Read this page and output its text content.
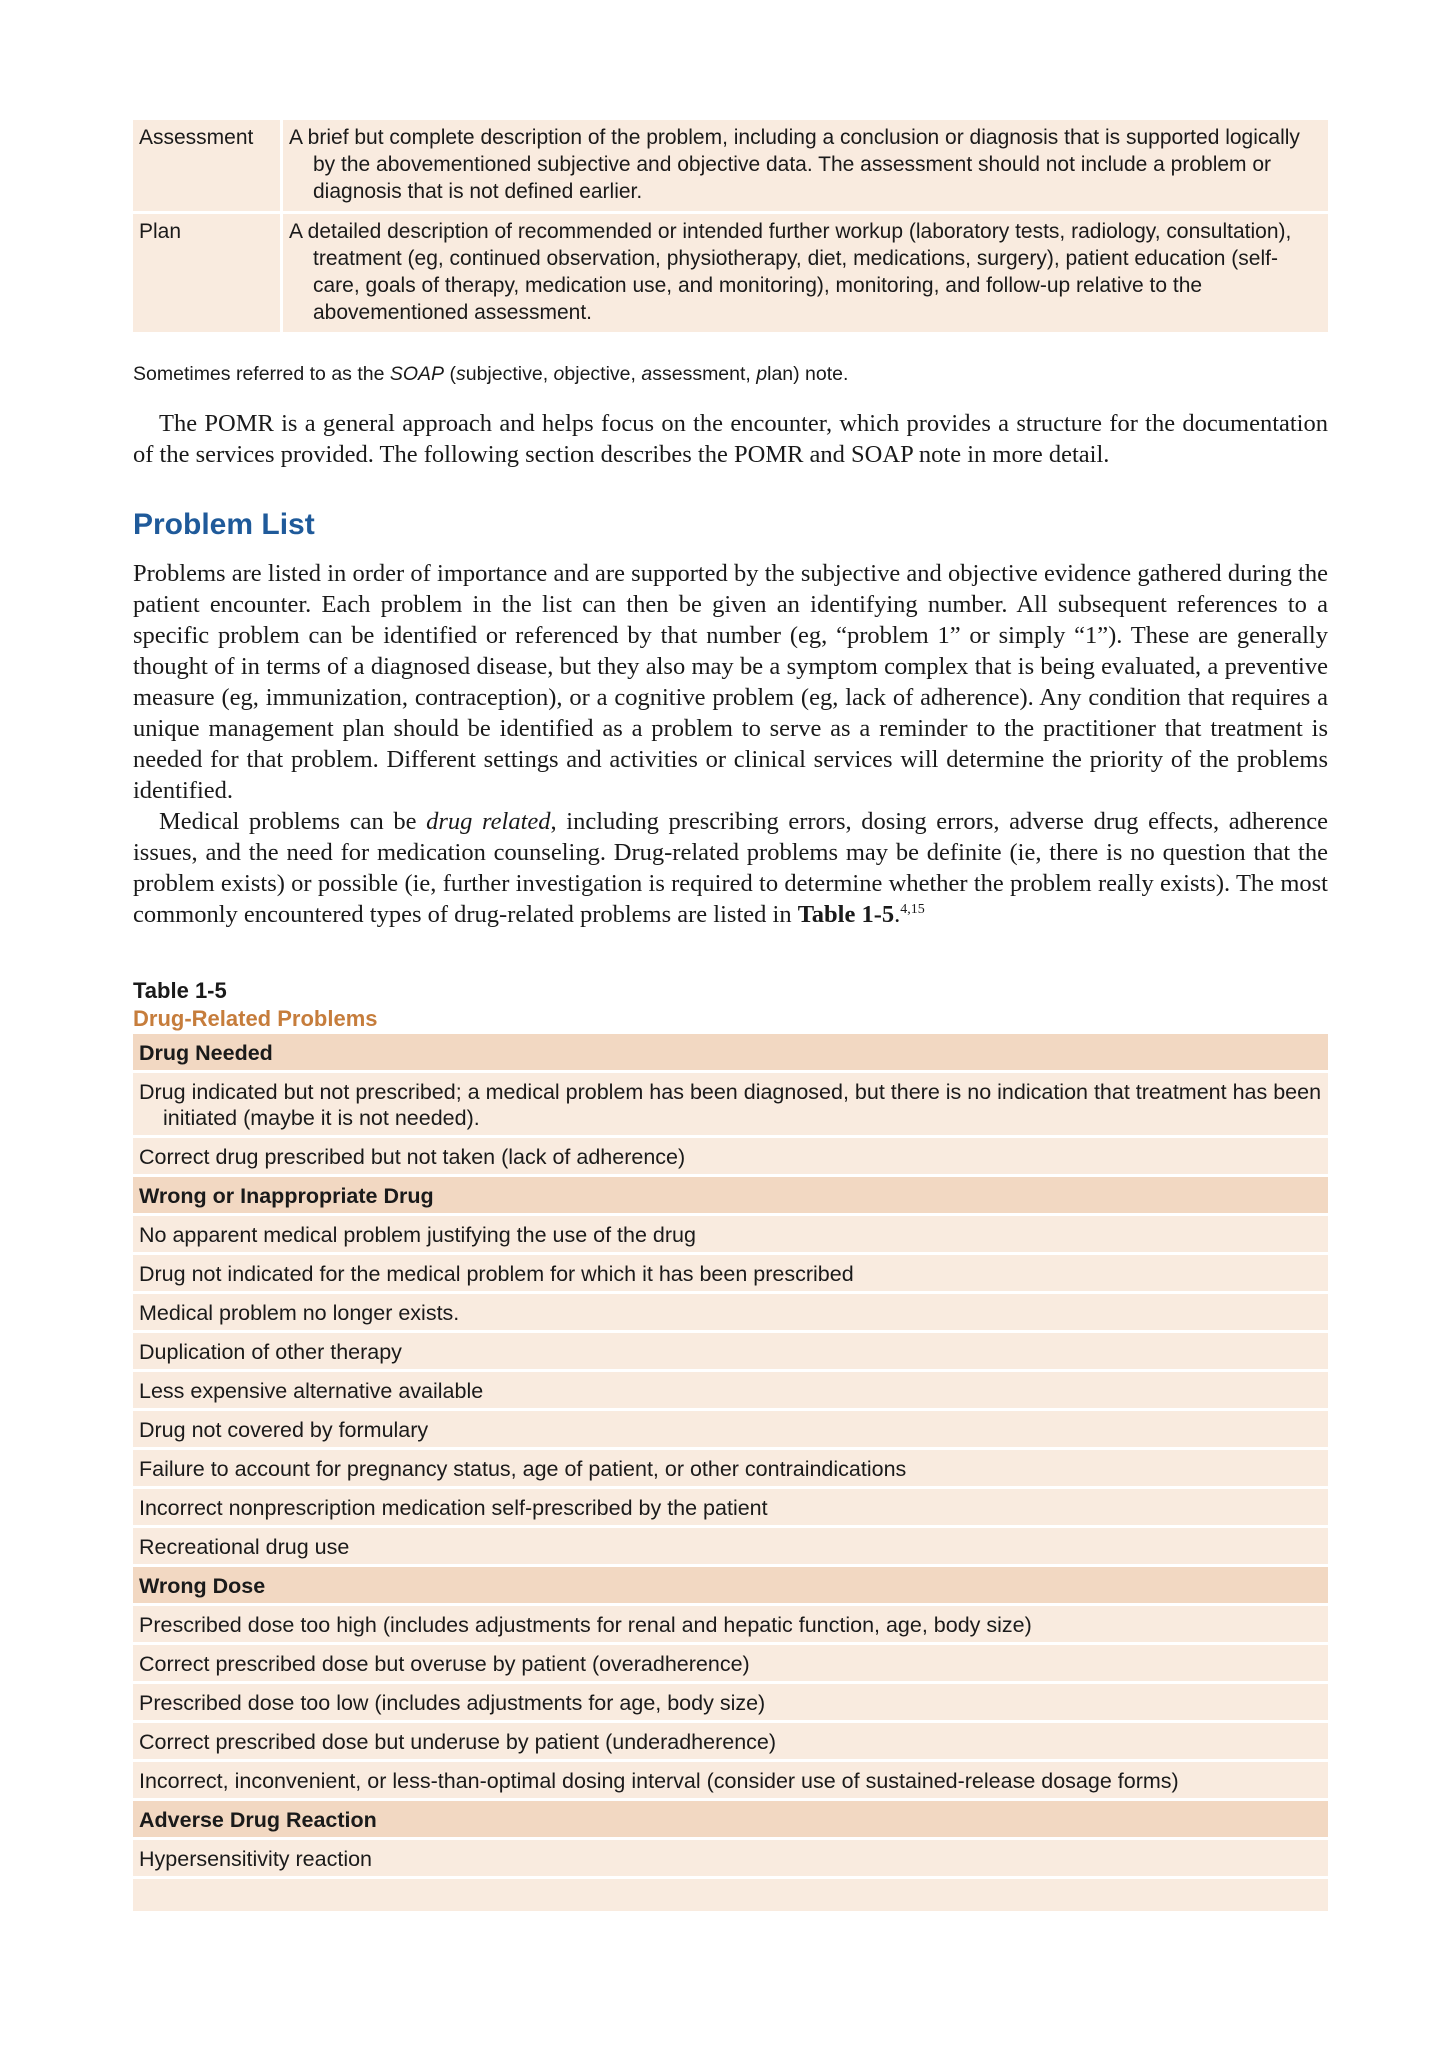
Assessment	A brief but complete description of the problem, including a conclusion or diagnosis that is supported logically by the abovementioned subjective and objective data. The assessment should not include a problem or diagnosis that is not defined earlier.

Plan	A detailed description of recommended or intended further workup (laboratory tests, radiology, consultation), treatment (eg, continued observation, physiotherapy, diet, medications, surgery), patient education (self-care, goals of therapy, medication use, and monitoring), monitoring, and follow-up relative to the abovementioned assessment.

Sometimes referred to as the SOAP (subjective, objective, assessment, plan) note.

The POMR is a general approach and helps focus on the encounter, which provides a structure for the documentation of the services provided. The following section describes the POMR and SOAP note in more detail.

Problem List

Problems are listed in order of importance and are supported by the subjective and objective evidence gathered during the patient encounter. Each problem in the list can then be given an identifying number. All subsequent references to a specific problem can be identified or referenced by that number (eg, “problem 1” or simply “1”). These are generally thought of in terms of a diagnosed disease, but they also may be a symptom complex that is being evaluated, a preventive measure (eg, immunization, contraception), or a cognitive problem (eg, lack of adherence). Any condition that requires a unique management plan should be identified as a problem to serve as a reminder to the practitioner that treatment is needed for that problem. Different settings and activities or clinical services will determine the priority of the problems identified.

Medical problems can be drug related, including prescribing errors, dosing errors, adverse drug effects, adherence issues, and the need for medication counseling. Drug-related problems may be definite (ie, there is no question that the problem exists) or possible (ie, further investigation is required to determine whether the problem really exists). The most commonly encountered types of drug-related problems are listed in Table 1-5.$^{4,15}$

Table 1-5
Drug-Related Problems
Drug Needed

Drug indicated but not prescribed; a medical problem has been diagnosed, but there is no indication that treatment has been initiated (maybe it is not needed).

Correct drug prescribed but not taken (lack of adherence)

Wrong or Inappropriate Drug

No apparent medical problem justifying the use of the drug

Drug not indicated for the medical problem for which it has been prescribed

Medical problem no longer exists.

Duplication of other therapy

Less expensive alternative available

Drug not covered by formulary

Failure to account for pregnancy status, age of patient, or other contraindications

Incorrect nonprescription medication self-prescribed by the patient

Recreational drug use

Wrong Dose

Prescribed dose too high (includes adjustments for renal and hepatic function, age, body size)

Correct prescribed dose but overuse by patient (overadherence)

Prescribed dose too low (includes adjustments for age, body size)

Correct prescribed dose but underuse by patient (underadherence)

Incorrect, inconvenient, or less-than-optimal dosing interval (consider use of sustained-release dosage forms)

Adverse Drug Reaction

Hypersensitivity reaction
